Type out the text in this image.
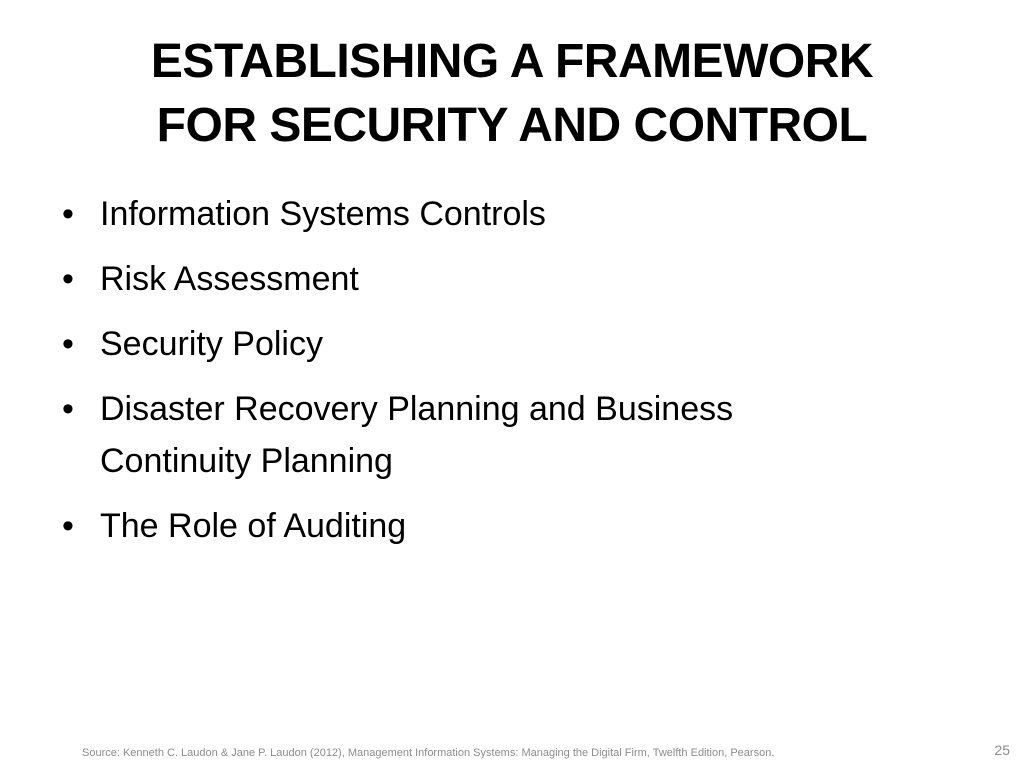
ESTABLISHING A FRAMEWORK
FOR SECURITY AND CONTROL
• Information Systems Controls
• Risk Assessment
• Security Policy
• Disaster Recovery Planning and Business
Continuity Planning
• The Role of Auditing
Source: Kenneth C. Laudon & Jane P. Laudon (2012), Management Information Systems: Managing the Digital Firm, Twelfth Edition, Pearson.	25
